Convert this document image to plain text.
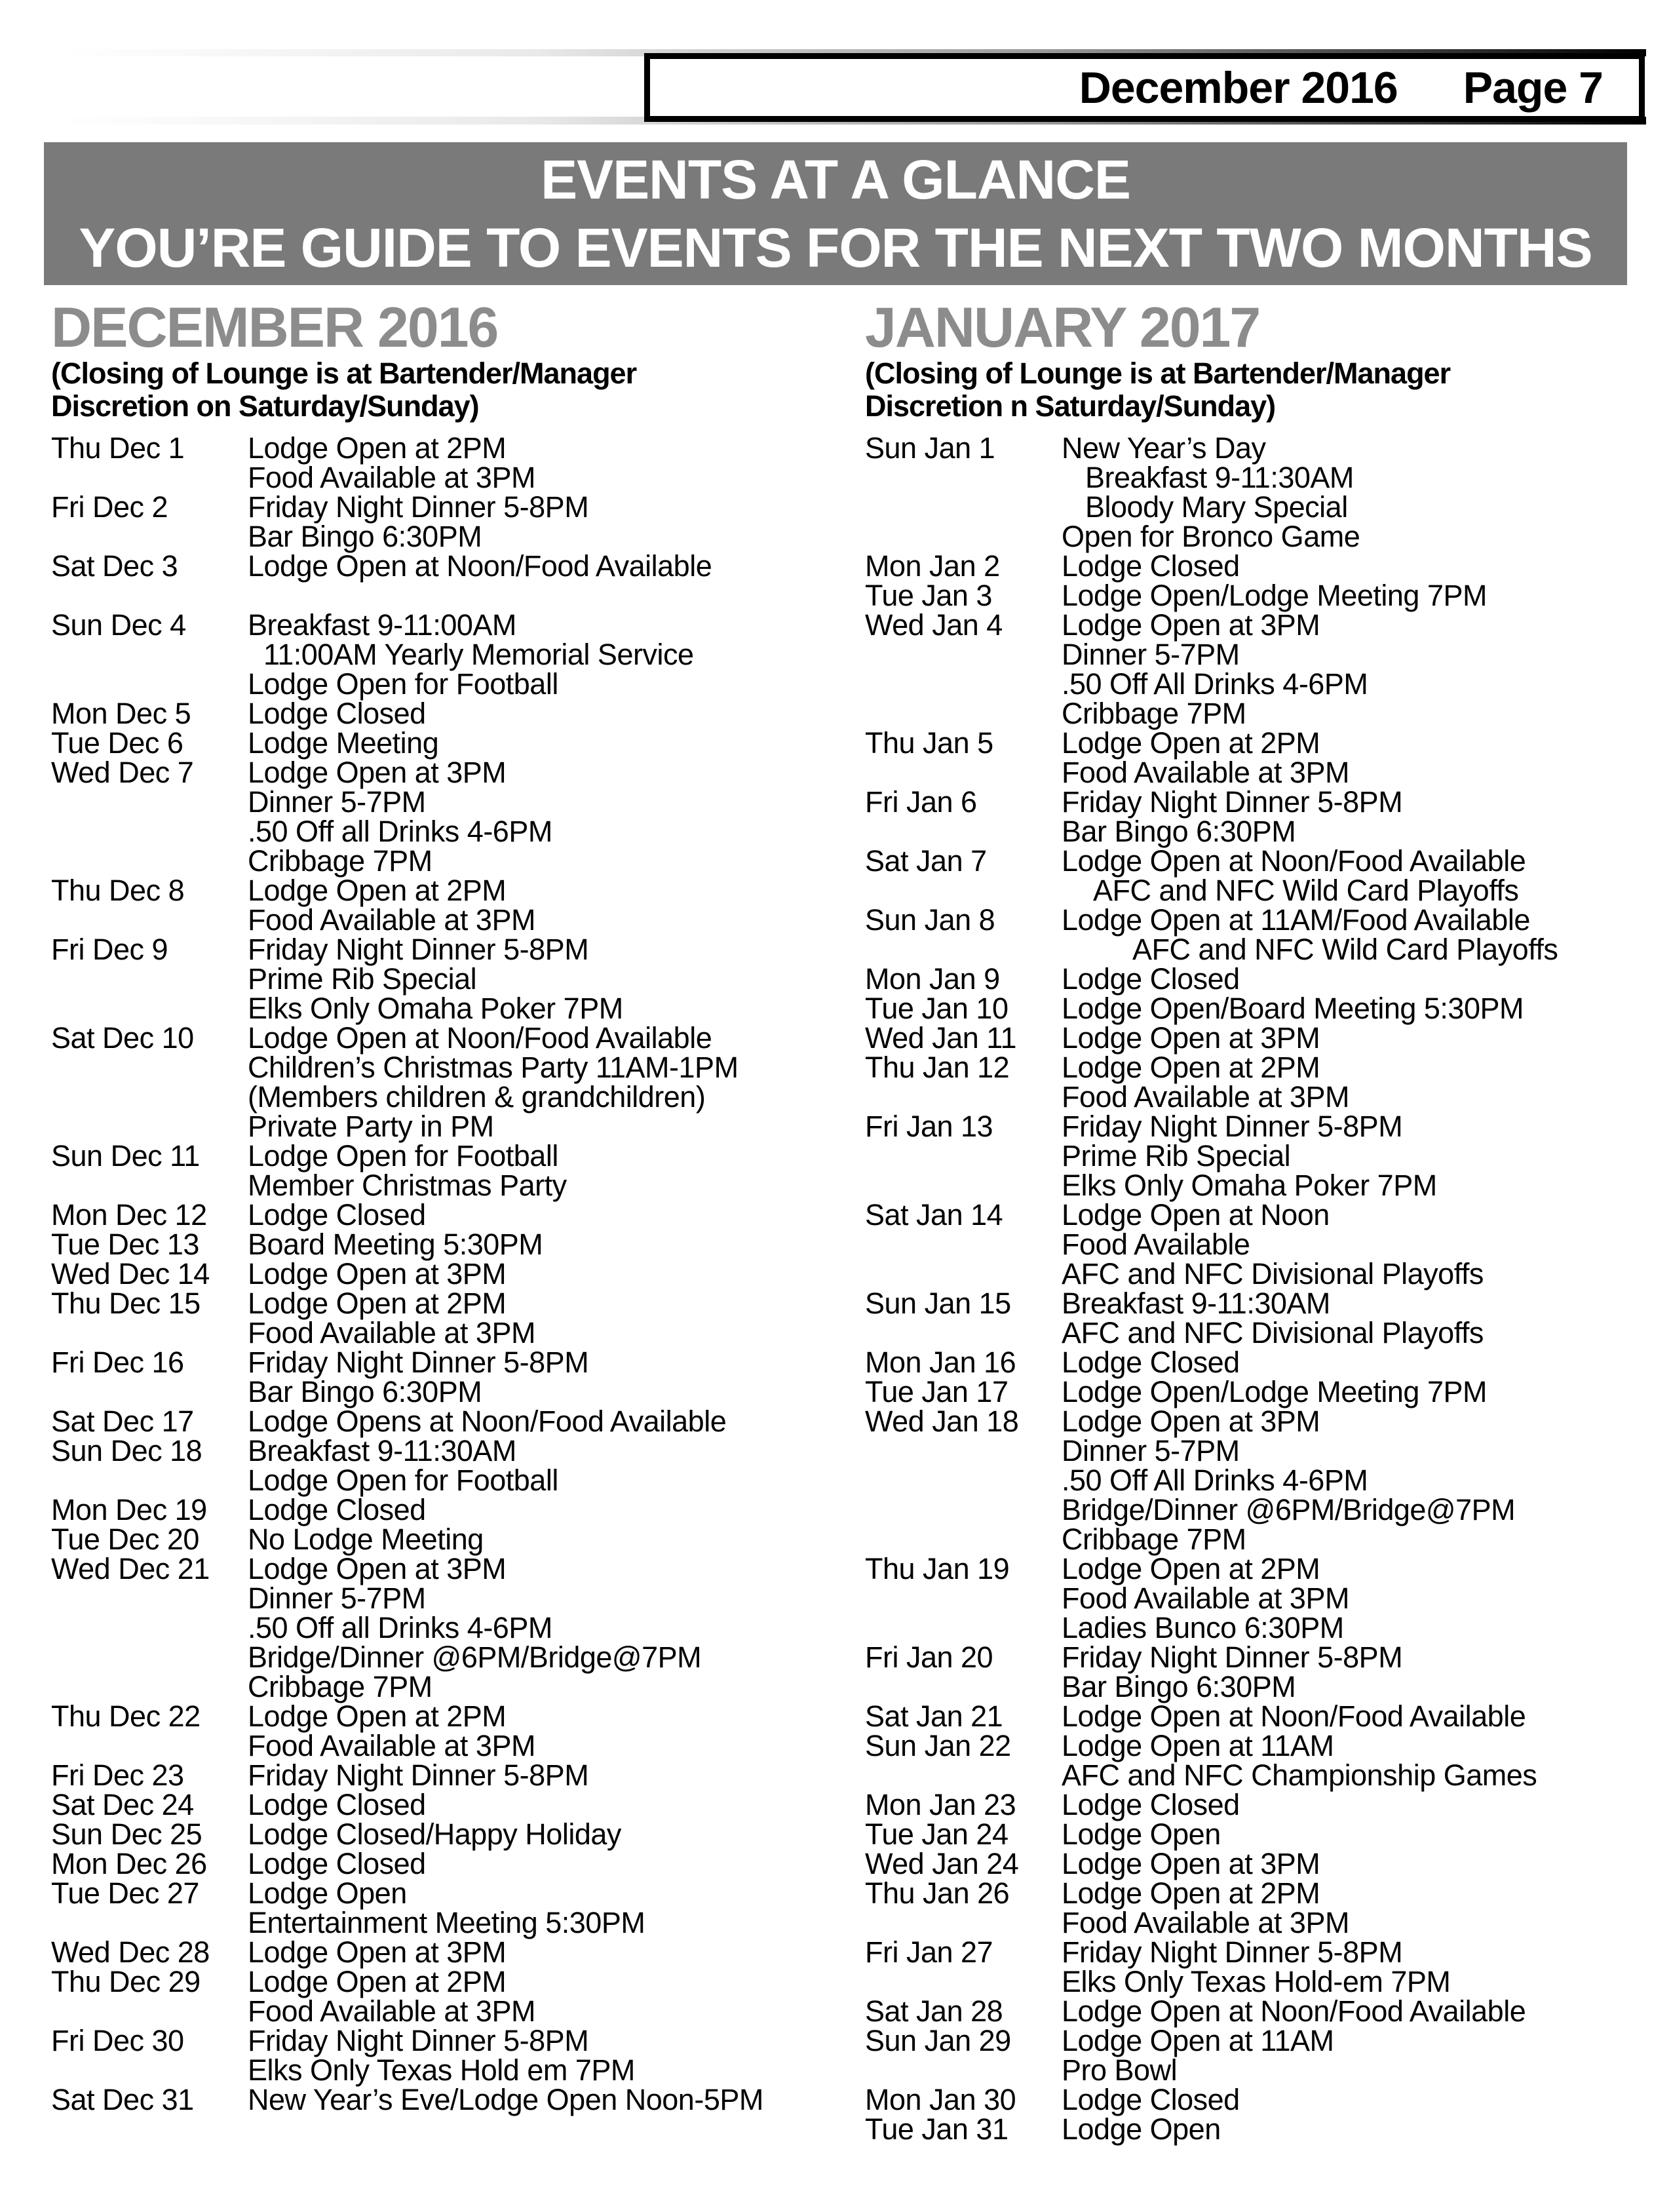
December 2016 Page 7
EVENTS AT A GLANCE
YOU’RE GUIDE TO EVENTS FOR THE NEXT TWO MONTHS
DECEMBER 2016
(Closing of Lounge is at Bartender/Manager
Discretion on Saturday/Sunday)
Thu Dec 1	Lodge Open at 2PM
Food Available at 3PM
Fri Dec 2	Friday Night Dinner 5-8PM
Bar Bingo 6:30PM
Sat Dec 3	Lodge Open at Noon/Food Available
Sun Dec 4	Breakfast 9-11:00AM
11:00AM Yearly Memorial Service
Lodge Open for Football
Mon Dec 5	Lodge Closed
Tue Dec 6	Lodge Meeting
Wed Dec 7	Lodge Open at 3PM
Dinner 5-7PM
.50 Off all Drinks 4-6PM
Cribbage 7PM
Thu Dec 8	Lodge Open at 2PM
Food Available at 3PM
Fri Dec 9	Friday Night Dinner 5-8PM
Prime Rib Special
Elks Only Omaha Poker 7PM
Sat Dec 10	Lodge Open at Noon/Food Available
Children’s Christmas Party 11AM-1PM
(Members children & grandchildren)
Private Party in PM
Sun Dec 11	Lodge Open for Football
Member Christmas Party
Mon Dec 12	Lodge Closed
Tue Dec 13	Board Meeting 5:30PM
Wed Dec 14	Lodge Open at 3PM
Thu Dec 15	Lodge Open at 2PM
Food Available at 3PM
Fri Dec 16	Friday Night Dinner 5-8PM
Bar Bingo 6:30PM
Sat Dec 17	Lodge Opens at Noon/Food Available
Sun Dec 18	Breakfast 9-11:30AM
Lodge Open for Football
Mon Dec 19	Lodge Closed
Tue Dec 20	No Lodge Meeting
Wed Dec 21	Lodge Open at 3PM
Dinner 5-7PM
.50 Off all Drinks 4-6PM
Bridge/Dinner @6PM/Bridge@7PM
Cribbage 7PM
Thu Dec 22	Lodge Open at 2PM
Food Available at 3PM
Fri Dec 23	Friday Night Dinner 5-8PM
Sat Dec 24	Lodge Closed
Sun Dec 25	Lodge Closed/Happy Holiday
Mon Dec 26	Lodge Closed
Tue Dec 27	Lodge Open
Entertainment Meeting 5:30PM
Wed Dec 28	Lodge Open at 3PM
Thu Dec 29	Lodge Open at 2PM
Food Available at 3PM
Fri Dec 30	Friday Night Dinner 5-8PM
Elks Only Texas Hold em 7PM
Sat Dec 31	New Year’s Eve/Lodge Open Noon-5PM
JANUARY 2017
(Closing of Lounge is at Bartender/Manager
Discretion n Saturday/Sunday)
Sun Jan 1	New Year’s Day
Breakfast 9-11:30AM
Bloody Mary Special
Open for Bronco Game
Mon Jan 2	Lodge Closed
Tue Jan 3	Lodge Open/Lodge Meeting 7PM
Wed Jan 4	Lodge Open at 3PM
Dinner 5-7PM
.50 Off All Drinks 4-6PM
Cribbage 7PM
Thu Jan 5	Lodge Open at 2PM
Food Available at 3PM
Fri Jan 6	Friday Night Dinner 5-8PM
Bar Bingo 6:30PM
Sat Jan 7	Lodge Open at Noon/Food Available
AFC and NFC Wild Card Playoffs
Sun Jan 8	Lodge Open at 11AM/Food Available
AFC and NFC Wild Card Playoffs
Mon Jan 9	Lodge Closed
Tue Jan 10	Lodge Open/Board Meeting 5:30PM
Wed Jan 11	Lodge Open at 3PM
Thu Jan 12	Lodge Open at 2PM
Food Available at 3PM
Fri Jan 13	Friday Night Dinner 5-8PM
Prime Rib Special
Elks Only Omaha Poker 7PM
Sat Jan 14	Lodge Open at Noon
Food Available
AFC and NFC Divisional Playoffs
Sun Jan 15	Breakfast 9-11:30AM
AFC and NFC Divisional Playoffs
Mon Jan 16	Lodge Closed
Tue Jan 17	Lodge Open/Lodge Meeting 7PM
Wed Jan 18	Lodge Open at 3PM
Dinner 5-7PM
.50 Off All Drinks 4-6PM
Bridge/Dinner @6PM/Bridge@7PM
Cribbage 7PM
Thu Jan 19	Lodge Open at 2PM
Food Available at 3PM
Ladies Bunco 6:30PM
Fri Jan 20	Friday Night Dinner 5-8PM
Bar Bingo 6:30PM
Sat Jan 21	Lodge Open at Noon/Food Available
Sun Jan 22	Lodge Open at 11AM
AFC and NFC Championship Games
Mon Jan 23	Lodge Closed
Tue Jan 24	Lodge Open
Wed Jan 24	Lodge Open at 3PM
Thu Jan 26	Lodge Open at 2PM
Food Available at 3PM
Fri Jan 27	Friday Night Dinner 5-8PM
Elks Only Texas Hold-em 7PM
Sat Jan 28	Lodge Open at Noon/Food Available
Sun Jan 29	Lodge Open at 11AM
Pro Bowl
Mon Jan 30	Lodge Closed
Tue Jan 31	Lodge Open
